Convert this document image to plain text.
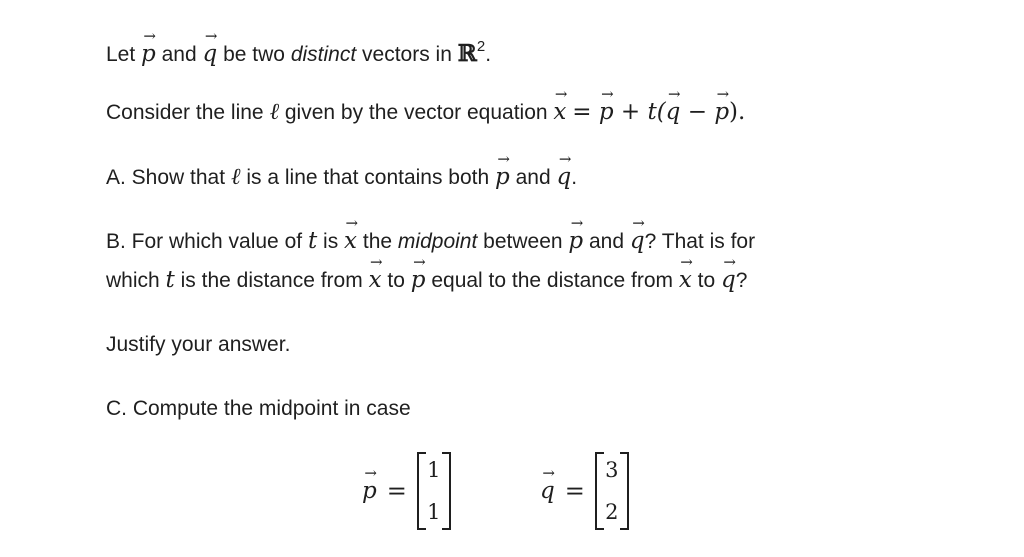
Let p → and q → be two distinct vectors in ℝ$^2$.

Consider the line ℓ given by the vector equation x → = p → + t(q → − p →).

A. Show that ℓ is a line that contains both p → and q →.

B. For which value of t is x → the midpoint between p → and q →? That is for

which t is the distance from x → to p → equal to the distance from x → to q →?

Justify your answer.

C. Compute the midpoint in case

p → =
1
1
q → =
3
2
